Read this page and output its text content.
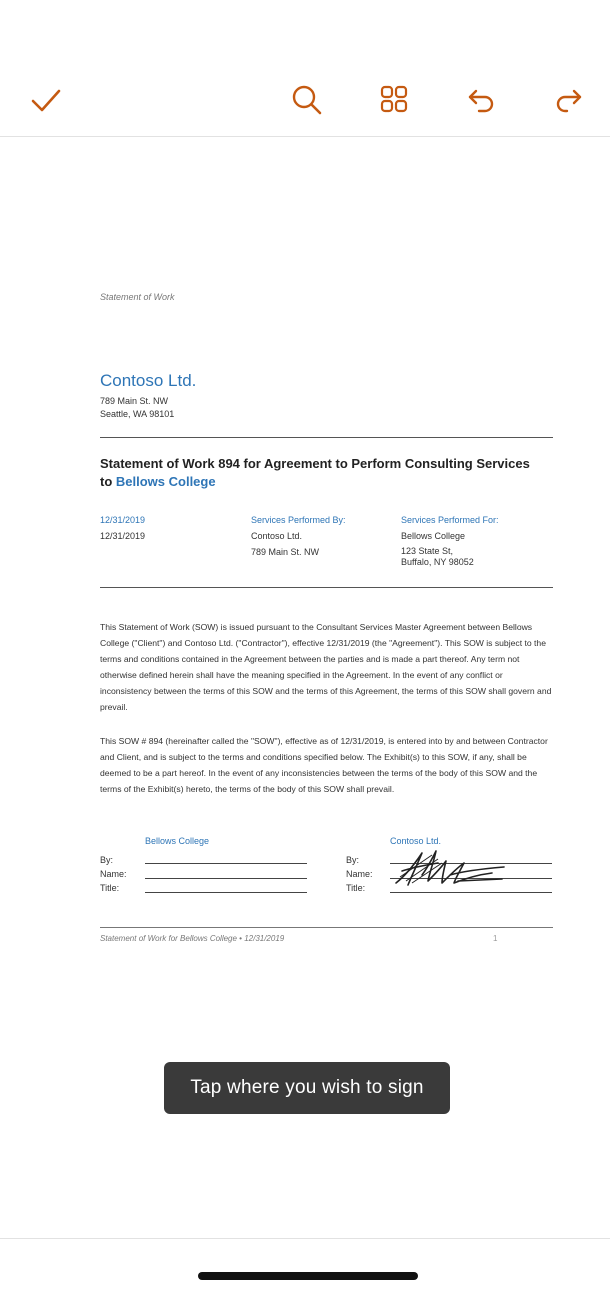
Statement of Work
Contoso Ltd.
789 Main St. NW
Seattle, WA 98101
Statement of Work 894 for Agreement to Perform Consulting Services to Bellows College
12/31/2019
12/31/2019
Services Performed By:
Contoso Ltd.
789 Main St. NW
Services Performed For:
Bellows College
123 State St,
Buffalo, NY 98052
This Statement of Work (SOW) is issued pursuant to the Consultant Services Master Agreement between Bellows College ("Client") and Contoso Ltd. ("Contractor"), effective 12/31/2019 (the "Agreement"). This SOW is subject to the terms and conditions contained in the Agreement between the parties and is made a part thereof. Any term not otherwise defined herein shall have the meaning specified in the Agreement. In the event of any conflict or inconsistency between the terms of this SOW and the terms of this Agreement, the terms of this SOW shall govern and prevail.
This SOW # 894 (hereinafter called the "SOW"), effective as of 12/31/2019, is entered into by and between Contractor and Client, and is subject to the terms and conditions specified below. The Exhibit(s) to this SOW, if any, shall be deemed to be a part hereof. In the event of any inconsistencies between the terms of the body of this SOW and the terms of the Exhibit(s) hereto, the terms of the body of this SOW shall prevail.
Bellows College
By:
Name:
Title:
Contoso Ltd.
By:
Name:
Title:
Statement of Work for Bellows College • 12/31/2019	1
Tap where you wish to sign
